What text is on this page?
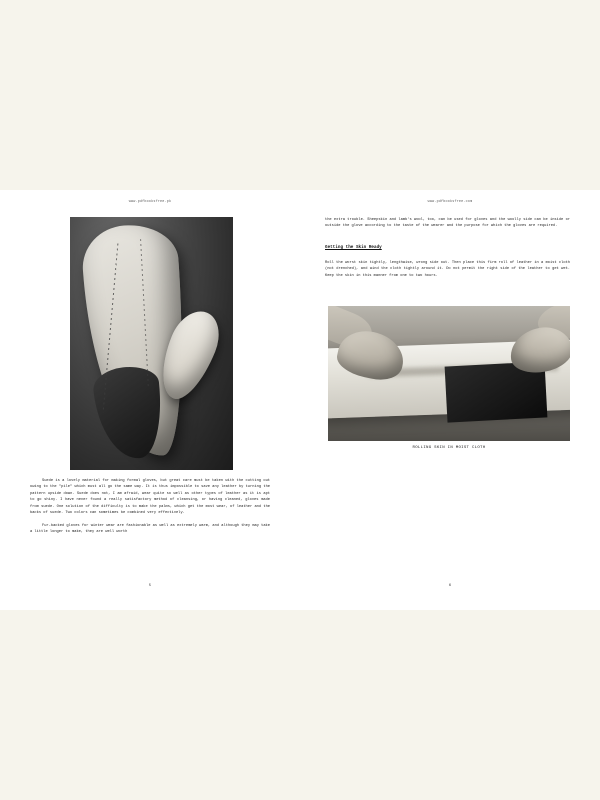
www.pdfbooksfree.pk

Suede is a lovely material for making formal gloves, but great care must be taken with the cutting out owing to the "pile" which must all go the same way. It is thus impossible to save any leather by turning the pattern upside down. Suede does not, I am afraid, wear quite so well as other types of leather as it is apt to go shiny. I have never found a really satisfactory method of cleansing, or having cleaned, gloves made from suede. One solution of the difficulty is to make the palms, which get the most wear, of leather and the backs of suede. Two colors can sometimes be combined very effectively.

Fur-backed gloves for winter wear are fashionable as well as extremely warm, and although they may take a little longer to make, they are well worth

5
www.pdfbooksfree.com
6

the extra trouble. Sheepskin and lamb's wool, too, can be used for gloves and the woolly side can be inside or outside the glove according to the taste of the wearer and the purpose for which the gloves are required.

Getting the Skin Ready

Roll the worst skin tightly, lengthwise, wrong side out. Then place this firm roll of leather in a moist cloth (not drenched), and wind the cloth tightly around it. Do not permit the right side of the leather to get wet. Keep the skin in this manner from one to two hours.

ROLLING SKIN IN MOIST CLOTH
